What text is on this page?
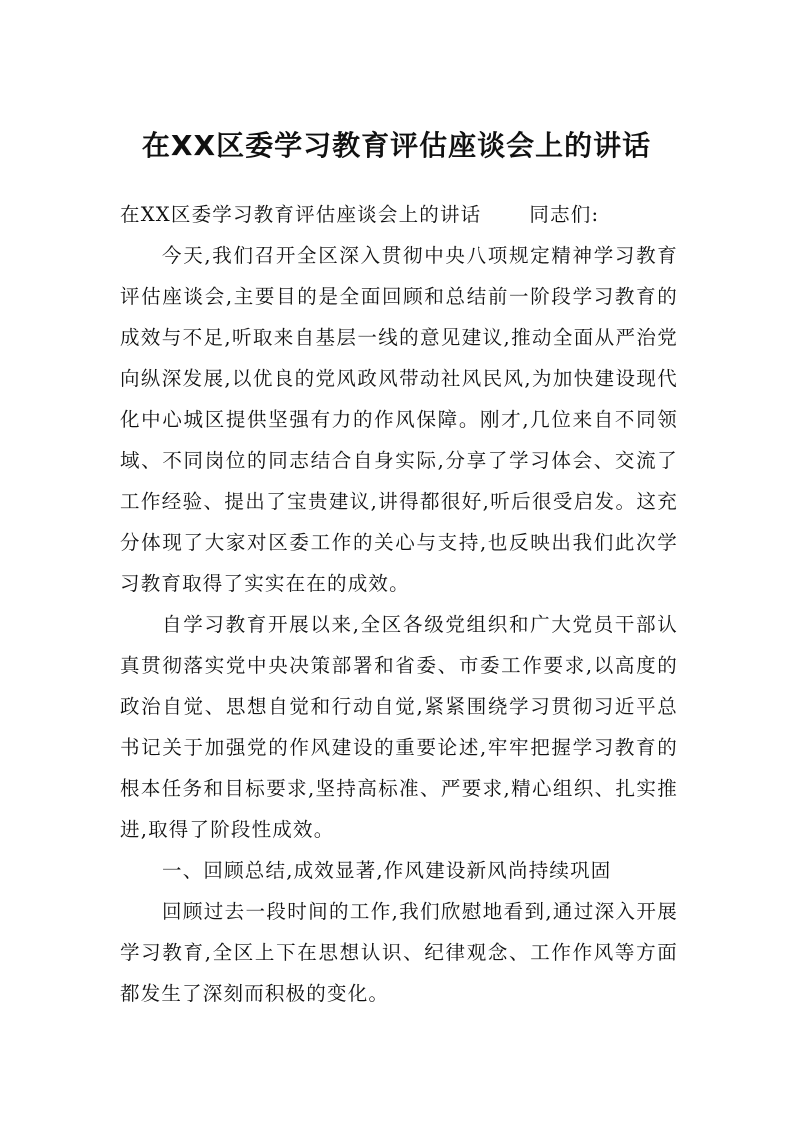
在XX区委学习教育评估座谈会上的讲话

在XX区委学习教育评估座谈会上的讲话 同志们:

今天,我们召开全区深入贯彻中央八项规定精神学习教育评估座谈会,主要目的是全面回顾和总结前一阶段学习教育的成效与不足,听取来自基层一线的意见建议,推动全面从严治党向纵深发展,以优良的党风政风带动社风民风,为加快建设现代化中心城区提供坚强有力的作风保障。刚才,几位来自不同领域、不同岗位的同志结合自身实际,分享了学习体会、交流了工作经验、提出了宝贵建议,讲得都很好,听后很受启发。这充分体现了大家对区委工作的关心与支持,也反映出我们此次学习教育取得了实实在在的成效。

自学习教育开展以来,全区各级党组织和广大党员干部认真贯彻落实党中央决策部署和省委、市委工作要求,以高度的政治自觉、思想自觉和行动自觉,紧紧围绕学习贯彻习近平总书记关于加强党的作风建设的重要论述,牢牢把握学习教育的根本任务和目标要求,坚持高标准、严要求,精心组织、扎实推进,取得了阶段性成效。

一、回顾总结,成效显著,作风建设新风尚持续巩固

回顾过去一段时间的工作,我们欣慰地看到,通过深入开展学习教育,全区上下在思想认识、纪律观念、工作作风等方面都发生了深刻而积极的变化。
